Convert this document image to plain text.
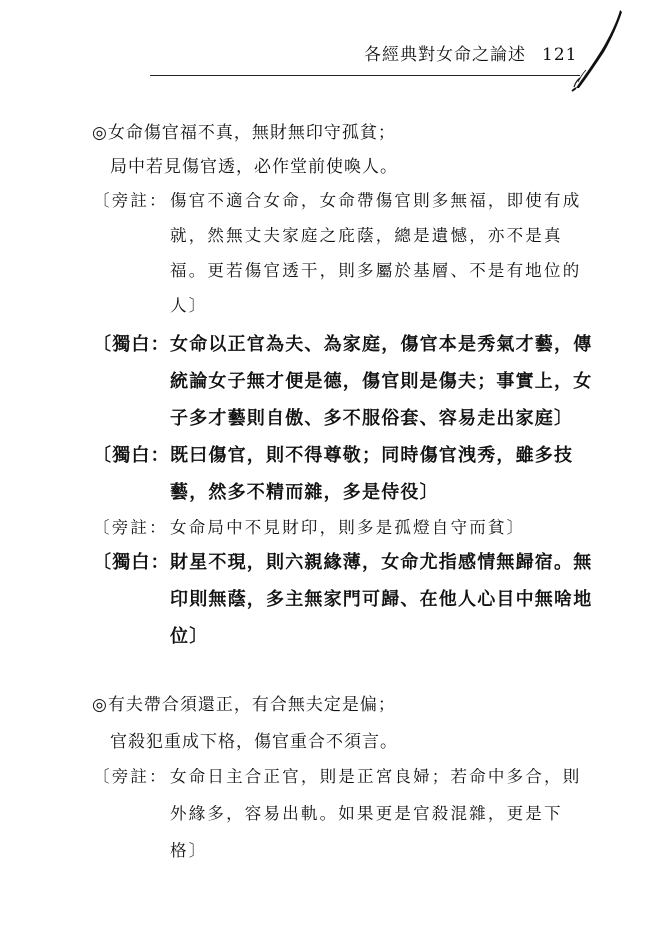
各經典對女命之論述 121
◎女命傷官福不真，無財無印守孤貧；
局中若見傷官透，必作堂前使喚人。
〔旁註： 傷官不適合女命，女命帶傷官則多無福，即使有成
就，然無丈夫家庭之庇蔭，總是遺憾，亦不是真
福。更若傷官透干，則多屬於基層、不是有地位的
人〕
〔獨白： 女命以正官為夫、為家庭，傷官本是秀氣才藝，傳
統論女子無才便是德，傷官則是傷夫；事實上，女
子多才藝則自傲、多不服俗套、容易走出家庭〕
〔獨白： 既曰傷官，則不得尊敬；同時傷官洩秀，雖多技
藝，然多不精而雜，多是侍役〕
〔旁註： 女命局中不見財印，則多是孤燈自守而貧〕
〔獨白： 財星不現，則六親緣薄，女命尤指感情無歸宿。無
印則無蔭，多主無家門可歸、在他人心目中無啥地
位〕
◎有夫帶合須還正，有合無夫定是偏；
官殺犯重成下格，傷官重合不須言。
〔旁註： 女命日主合正官，則是正宮良婦；若命中多合，則
外緣多，容易出軌。如果更是官殺混雜，更是下
格〕
